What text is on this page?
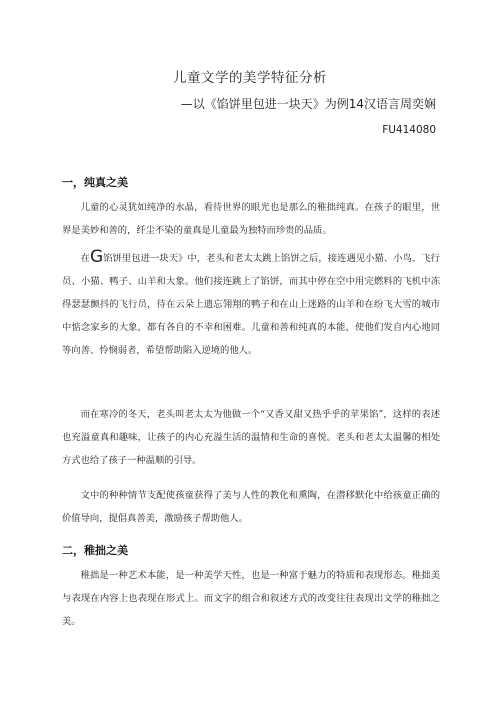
儿童文学的美学特征分析
—以《馅饼里包进一块天》为例14汉语言周奕娴
FU414080
一，纯真之美

儿童的心灵犹如纯净的水晶，看待世界的眼光也是那么的稚拙纯真。在孩子的眼里，世界是美妙和善的，纤尘不染的童真是儿童最为独特而珍贵的品质。

在G馅饼里包进一块天》中，老头和老太太跳上馅饼之后，接连遇见小猫、小鸟、飞行员、小猫、鸭子、山羊和大象。他们接连跳上了馅饼，而其中停在空中用完燃料的飞机中冻得瑟瑟颤抖的飞行员，待在云朵上遗忘翎翔的鸭子和在山上迷路的山羊和在纷飞大雪的城市中惦念家乡的大象，都有各自的不幸和困难。儿童和善和纯真的本能，使他们发自内心地同等向善、怜悯弱者，希望帮助陷入逆境的他人。

而在寒冷的冬天，老头叫老太太为他做一个“又香又甜又热乎乎的苹果馅”，这样的表述也充溢童真和趣味，让孩子的内心充溢生活的温情和生命的喜悦。老头和老太太温馨的相处方式也给了孩子一种温顺的引导。

文中的种种情节支配使孩童获得了美与人性的教化和熏陶，在潜移默化中给孩童正确的价值导向，提倡真善美，激励孩子帮助他人。

二，稚拙之美

稚拙是一种艺术本能，是一种美学天性，也是一种富于魅力的特质和表现形态。稚拙美与表现在内容上也表现在形式上。而文字的组合和叙述方式的改变往往表现出文学的稚拙之美。
